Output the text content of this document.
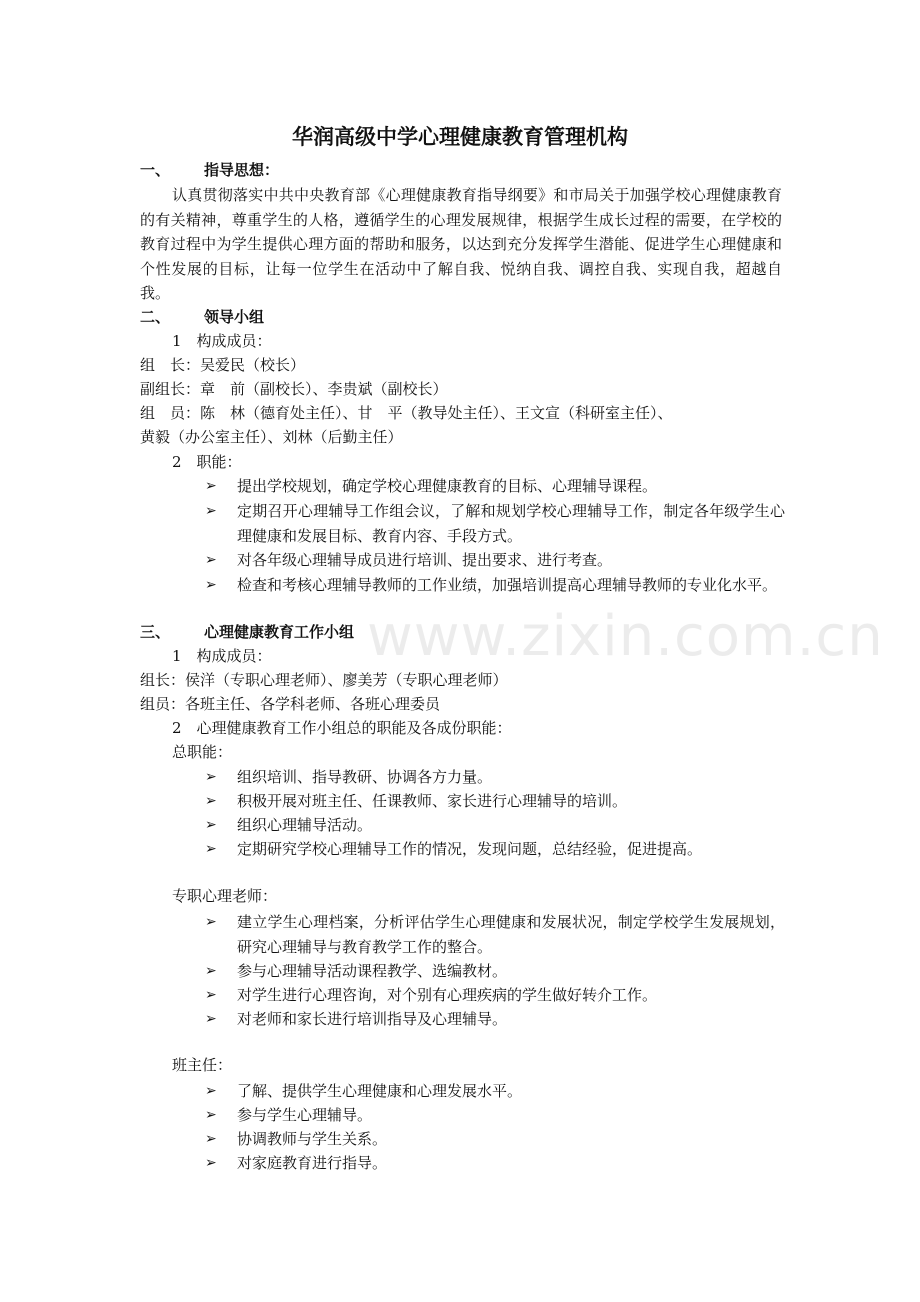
www.zixin.com.cn
华润高级中学心理健康教育管理机构
一、 指导思想：
认真贯彻落实中共中央教育部《心理健康教育指导纲要》和市局关于加强学校心理健康教育的有关精神，尊重学生的人格，遵循学生的心理发展规律，根据学生成长过程的需要，在学校的教育过程中为学生提供心理方面的帮助和服务，以达到充分发挥学生潜能、促进学生心理健康和个性发展的目标，让每一位学生在活动中了解自我、悦纳自我、调控自我、实现自我，超越自我。
二、 领导小组
1　构成成员：
组　长：吴爱民（校长）
副组长：章　前（副校长）、李贵斌（副校长）
组　员：陈　林（德育处主任）、甘　平（教导处主任）、王文宣（科研室主任）、
黄毅（办公室主任）、刘林（后勤主任）
2　职能：
➢ 提出学校规划，确定学校心理健康教育的目标、心理辅导课程。
➢ 定期召开心理辅导工作组会议，了解和规划学校心理辅导工作，制定各年级学生心理健康和发展目标、教育内容、手段方式。
➢ 对各年级心理辅导成员进行培训、提出要求、进行考查。
➢ 检查和考核心理辅导教师的工作业绩，加强培训提高心理辅导教师的专业化水平。
三、 心理健康教育工作小组
1　构成成员：
组长：侯洋（专职心理老师）、廖美芳（专职心理老师）
组员：各班主任、各学科老师、各班心理委员
2　心理健康教育工作小组总的职能及各成份职能：
总职能：
➢ 组织培训、指导教研、协调各方力量。
➢ 积极开展对班主任、任课教师、家长进行心理辅导的培训。
➢ 组织心理辅导活动。
➢ 定期研究学校心理辅导工作的情况，发现问题，总结经验，促进提高。
专职心理老师：
➢ 建立学生心理档案，分析评估学生心理健康和发展状况，制定学校学生发展规划，研究心理辅导与教育教学工作的整合。
➢ 参与心理辅导活动课程教学、选编教材。
➢ 对学生进行心理咨询，对个别有心理疾病的学生做好转介工作。
➢ 对老师和家长进行培训指导及心理辅导。
班主任：
➢ 了解、提供学生心理健康和心理发展水平。
➢ 参与学生心理辅导。
➢ 协调教师与学生关系。
➢ 对家庭教育进行指导。
